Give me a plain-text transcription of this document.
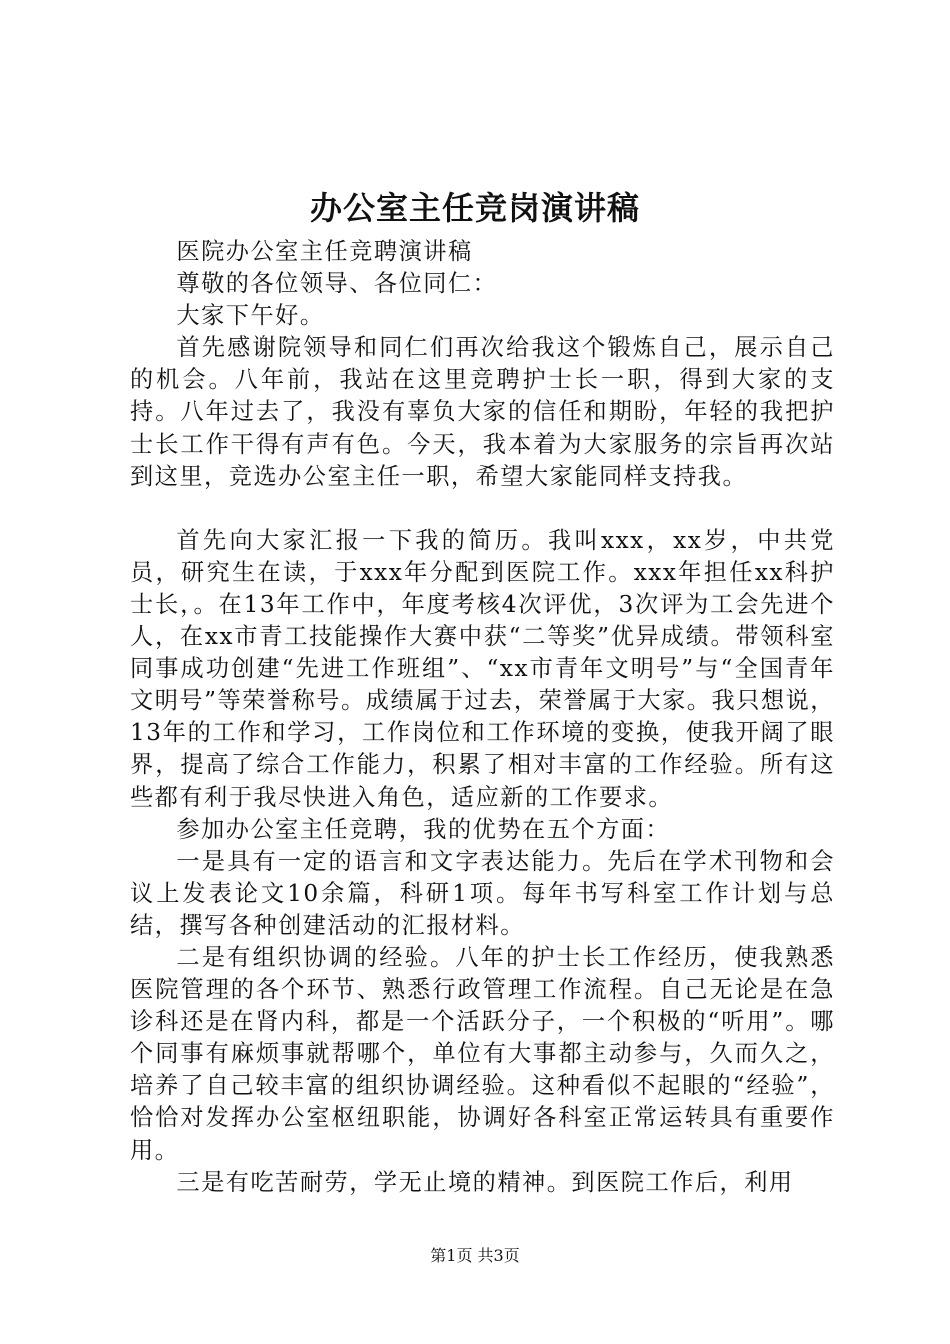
办公室主任竞岗演讲稿

医院办公室主任竞聘演讲稿

尊敬的各位领导、各位同仁：

大家下午好。

首先感谢院领导和同仁们再次给我这个锻炼自己，展示自己的机会。八年前，我站在这里竞聘护士长一职，得到大家的支持。八年过去了，我没有辜负大家的信任和期盼，年轻的我把护士长工作干得有声有色。今天，我本着为大家服务的宗旨再次站到这里，竞选办公室主任一职，希望大家能同样支持我。

首先向大家汇报一下我的简历。我叫xxx，xx岁，中共党员，研究生在读，于xxx年分配到医院工作。xxx年担任xx科护士长，。在13年工作中，年度考核4次评优，3次评为工会先进个人，在xx市青工技能操作大赛中获“二等奖”优异成绩。带领科室同事成功创建“先进工作班组”、“xx市青年文明号”与“全国青年文明号”等荣誉称号。成绩属于过去，荣誉属于大家。我只想说，13年的工作和学习，工作岗位和工作环境的变换，使我开阔了眼界，提高了综合工作能力，积累了相对丰富的工作经验。所有这些都有利于我尽快进入角色，适应新的工作要求。

参加办公室主任竞聘，我的优势在五个方面：

一是具有一定的语言和文字表达能力。先后在学术刊物和会议上发表论文10余篇，科研1项。每年书写科室工作计划与总结，撰写各种创建活动的汇报材料。

二是有组织协调的经验。八年的护士长工作经历，使我熟悉医院管理的各个环节、熟悉行政管理工作流程。自己无论是在急诊科还是在肾内科，都是一个活跃分子，一个积极的“听用”。哪个同事有麻烦事就帮哪个，单位有大事都主动参与，久而久之，培养了自己较丰富的组织协调经验。这种看似不起眼的“经验”，恰恰对发挥办公室枢纽职能，协调好各科室正常运转具有重要作用。

三是有吃苦耐劳，学无止境的精神。到医院工作后，利用

第1页 共3页
